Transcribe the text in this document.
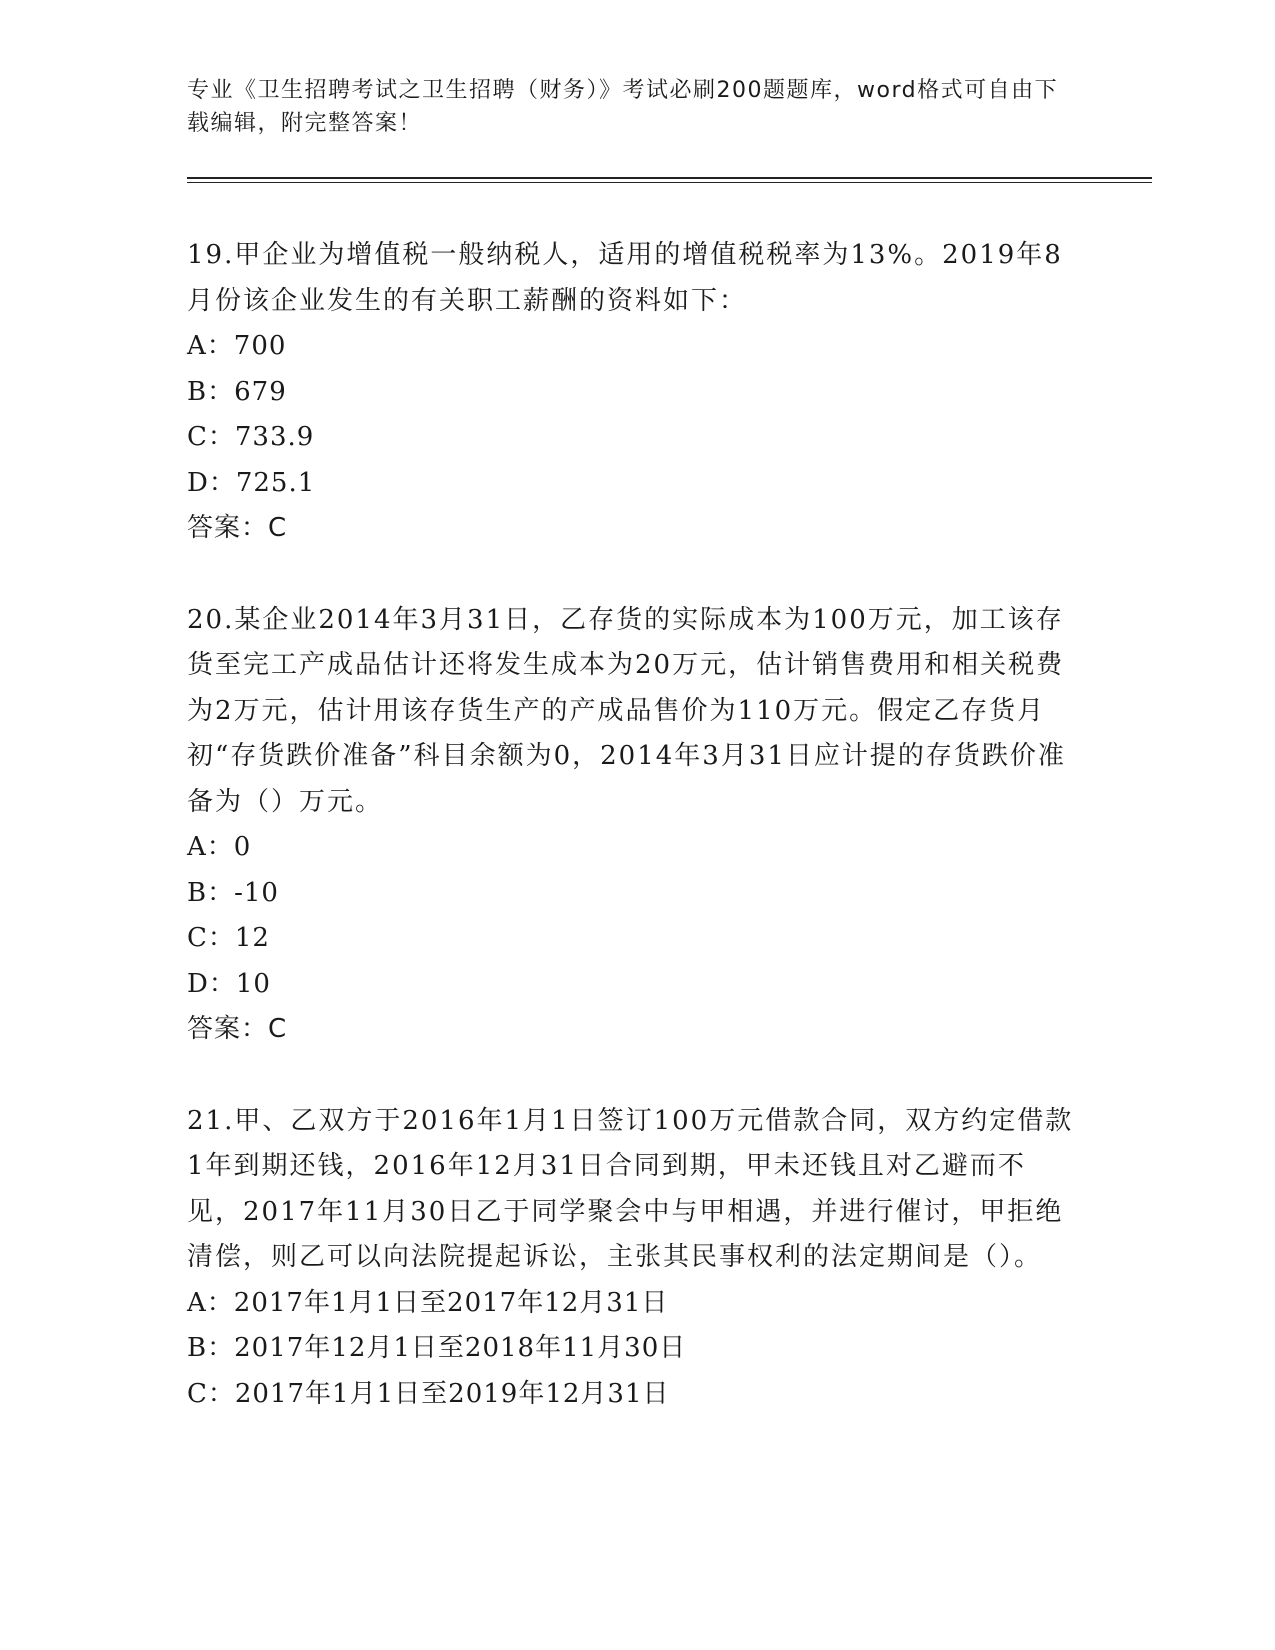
专业《卫生招聘考试之卫生招聘（财务）》考试必刷200题题库，word格式可自由下载编辑，附完整答案！

19.甲企业为增值税一般纳税人，适用的增值税税率为13%。2019年8月份该企业发生的有关职工薪酬的资料如下：

A：700

B：679

C：733.9

D：725.1

答案：C

20.某企业2014年3月31日，乙存货的实际成本为100万元，加工该存货至完工产成品估计还将发生成本为20万元，估计销售费用和相关税费为2万元，估计用该存货生产的产成品售价为110万元。假定乙存货月初“存货跌价准备”科目余额为0，2014年3月31日应计提的存货跌价准备为（）万元。

A：0

B：-10

C：12

D：10

答案：C

21.甲、乙双方于2016年1月1日签订100万元借款合同，双方约定借款1年到期还钱，2016年12月31日合同到期，甲未还钱且对乙避而不见，2017年11月30日乙于同学聚会中与甲相遇，并进行催讨，甲拒绝清偿，则乙可以向法院提起诉讼，主张其民事权利的法定期间是（）。

A：2017年1月1日至2017年12月31日

B：2017年12月1日至2018年11月30日

C：2017年1月1日至2019年12月31日
